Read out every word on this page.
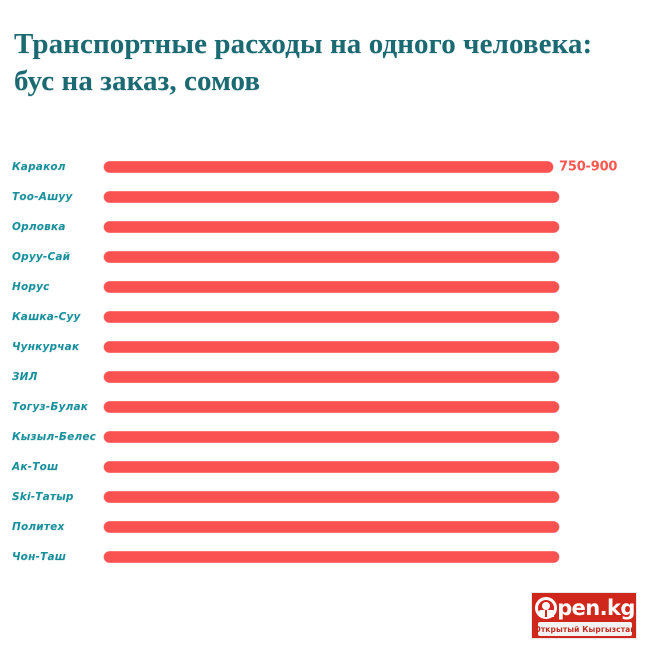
Транспортные расходы на одного человека: бус на заказ, сомов
Каракол	750-900
Тоо-Ашуу
Орловка
Оруу-Сай
Норус
Кашка-Суу
Чункурчак
ЗИЛ
Тогуз-Булак
Кызыл-Белес
Ак-Тош
Ski-Татыр
Политех
Чон-Таш
pen.kg
Открытый Кыргызстан
